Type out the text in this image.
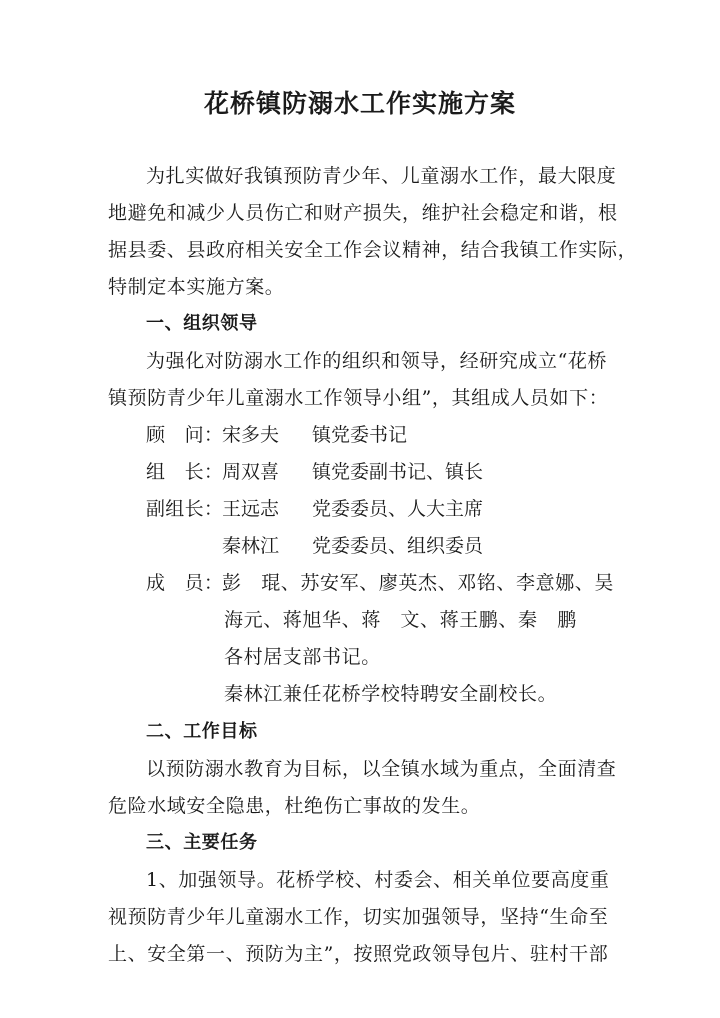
花桥镇防溺水工作实施方案
为扎实做好我镇预防青少年、儿童溺水工作，最大限度
地避免和减少人员伤亡和财产损失，维护社会稳定和谐，根
据县委、县政府相关安全工作会议精神，结合我镇工作实际，
特制定本实施方案。
一、组织领导
为强化对防溺水工作的组织和领导，经研究成立“花桥
镇预防青少年儿童溺水工作领导小组”，其组成人员如下：
顾　问：宋多夫 镇党委书记
组　长：周双喜 镇党委副书记、镇长
副组长：王远志 党委委员、人大主席
秦林江 党委委员、组织委员
成　员：彭　琨、苏安军、廖英杰、邓铭、李意娜、吴
海元、蒋旭华、蒋　文、蒋王鹏、秦　鹏
各村居支部书记。
秦林江兼任花桥学校特聘安全副校长。
二、工作目标
以预防溺水教育为目标，以全镇水域为重点，全面清查
危险水域安全隐患，杜绝伤亡事故的发生。
三、主要任务
1、加强领导。花桥学校、村委会、相关单位要高度重
视预防青少年儿童溺水工作，切实加强领导，坚持“生命至
上、安全第一、预防为主”，按照党政领导包片、驻村干部
